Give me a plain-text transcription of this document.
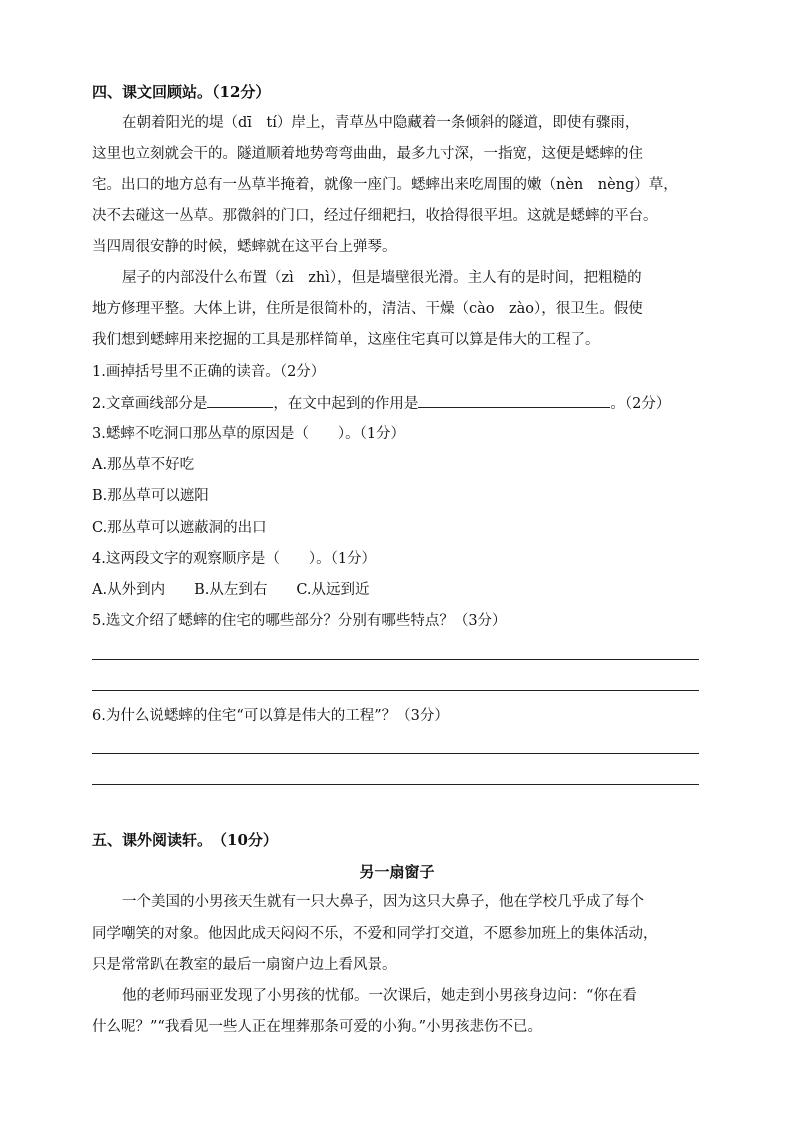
四、课文回顾站。（12分）
在朝着阳光的堤（dī　tí）岸上，青草丛中隐藏着一条倾斜的隧道，即使有骤雨，
这里也立刻就会干的。隧道顺着地势弯弯曲曲，最多九寸深，一指宽，这便是蟋蟀的住
宅。出口的地方总有一丛草半掩着，就像一座门。蟋蟀出来吃周围的嫩（nèn　nèng）草，
决不去碰这一丛草。那微斜的门口，经过仔细耙扫，收拾得很平坦。这就是蟋蟀的平台。
当四周很安静的时候，蟋蟀就在这平台上弹琴。
屋子的内部没什么布置（zì　zhì），但是墙壁很光滑。主人有的是时间，把粗糙的
地方修理平整。大体上讲，住所是很简朴的，清洁、干燥（cào　zào），很卫生。假使
我们想到蟋蟀用来挖掘的工具是那样简单，这座住宅真可以算是伟大的工程了。
1.画掉括号里不正确的读音。（2分）
2.文章画线部分是	，在文中起到的作用是	。（2分）
3.蟋蟀不吃洞口那丛草的原因是（　　）。（1分）
A.那丛草不好吃
B.那丛草可以遮阳
C.那丛草可以遮蔽洞的出口
4.这两段文字的观察顺序是（　　）。（1分）
A.从外到内　　B.从左到右　　C.从远到近
5.选文介绍了蟋蟀的住宅的哪些部分？分别有哪些特点？（3分）
6.为什么说蟋蟀的住宅“可以算是伟大的工程”？（3分）
五、课外阅读轩。　（10分）
另一扇窗子
一个美国的小男孩天生就有一只大鼻子，因为这只大鼻子，他在学校几乎成了每个
同学嘲笑的对象。他因此成天闷闷不乐，不爱和同学打交道，不愿参加班上的集体活动，
只是常常趴在教室的最后一扇窗户边上看风景。
他的老师玛丽亚发现了小男孩的忧郁。一次课后，她走到小男孩身边问：“你在看
什么呢？”“我看见一些人正在埋葬那条可爱的小狗。”小男孩悲伤不已。
